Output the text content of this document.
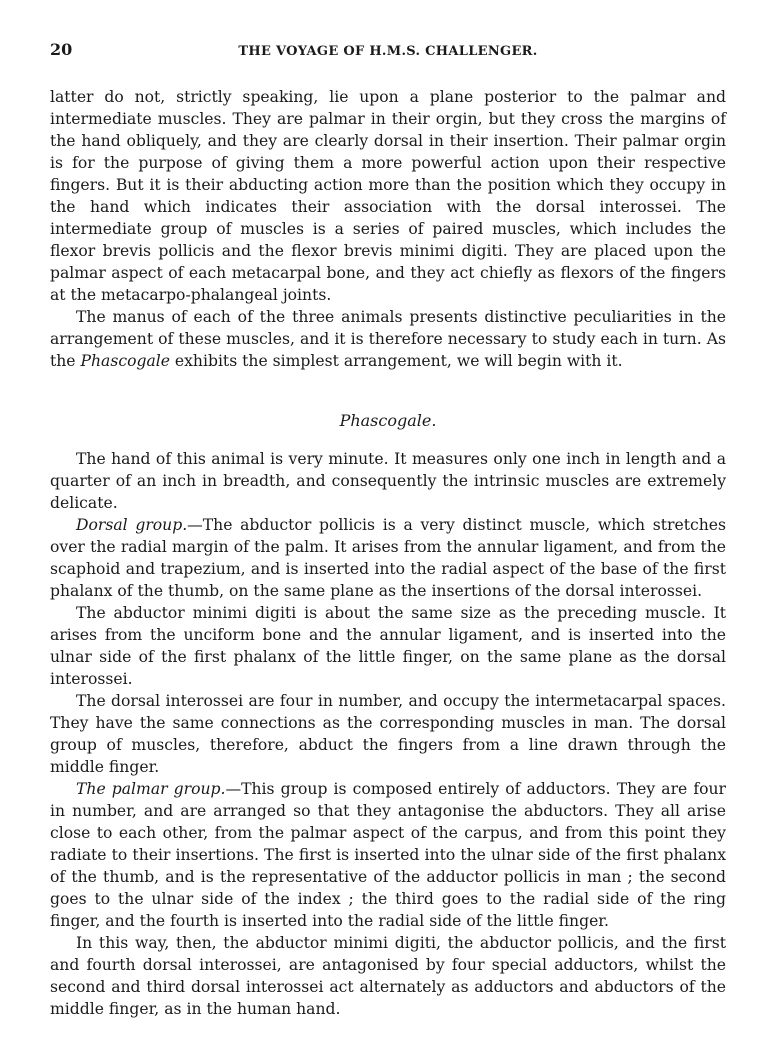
20	THE VOYAGE OF H.M.S. CHALLENGER.

latter do not, strictly speaking, lie upon a plane posterior to the palmar and intermediate muscles. They are palmar in their orgin, but they cross the margins of the hand obliquely, and they are clearly dorsal in their insertion. Their palmar orgin is for the purpose of giving them a more powerful action upon their respective fingers. But it is their abducting action more than the position which they occupy in the hand which indicates their association with the dorsal interossei. The intermediate group of muscles is a series of paired muscles, which includes the flexor brevis pollicis and the flexor brevis minimi digiti. They are placed upon the palmar aspect of each metacarpal bone, and they act chiefly as flexors of the fingers at the metacarpo-phalangeal joints.

The manus of each of the three animals presents distinctive peculiarities in the arrangement of these muscles, and it is therefore necessary to study each in turn. As the Phascogale exhibits the simplest arrangement, we will begin with it.

Phascogale.

The hand of this animal is very minute. It measures only one inch in length and a quarter of an inch in breadth, and consequently the intrinsic muscles are extremely delicate.

Dorsal group.—The abductor pollicis is a very distinct muscle, which stretches over the radial margin of the palm. It arises from the annular ligament, and from the scaphoid and trapezium, and is inserted into the radial aspect of the base of the first phalanx of the thumb, on the same plane as the insertions of the dorsal interossei.

The abductor minimi digiti is about the same size as the preceding muscle. It arises from the unciform bone and the annular ligament, and is inserted into the ulnar side of the first phalanx of the little finger, on the same plane as the dorsal interossei.

The dorsal interossei are four in number, and occupy the intermetacarpal spaces. They have the same connections as the corresponding muscles in man. The dorsal group of muscles, therefore, abduct the fingers from a line drawn through the middle finger.

The palmar group.—This group is composed entirely of adductors. They are four in number, and are arranged so that they antagonise the abductors. They all arise close to each other, from the palmar aspect of the carpus, and from this point they radiate to their insertions. The first is inserted into the ulnar side of the first phalanx of the thumb, and is the representative of the adductor pollicis in man ; the second goes to the ulnar side of the index ; the third goes to the radial side of the ring finger, and the fourth is inserted into the radial side of the little finger.

In this way, then, the abductor minimi digiti, the abductor pollicis, and the first and fourth dorsal interossei, are antagonised by four special adductors, whilst the second and third dorsal interossei act alternately as adductors and abductors of the middle finger, as in the human hand.
